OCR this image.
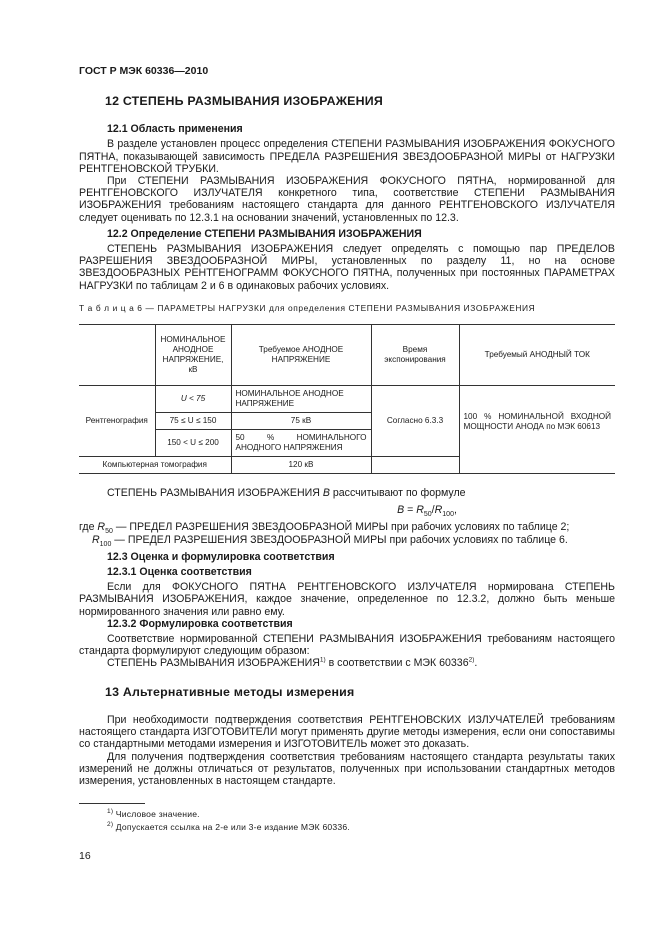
ГОСТ Р МЭК 60336—2010
12 СТЕПЕНЬ РАЗМЫВАНИЯ ИЗОБРАЖЕНИЯ
12.1 Область применения

В разделе установлен процесс определения СТЕПЕНИ РАЗМЫВАНИЯ ИЗОБРАЖЕНИЯ ФОКУСНОГО ПЯТНА, показывающей зависимость ПРЕДЕЛА РАЗРЕШЕНИЯ ЗВЕЗДООБРАЗНОЙ МИРЫ от НАГРУЗКИ РЕНТГЕНОВСКОЙ ТРУБКИ.

При СТЕПЕНИ РАЗМЫВАНИЯ ИЗОБРАЖЕНИЯ ФОКУСНОГО ПЯТНА, нормированной для РЕНТГЕНОВСКОГО ИЗЛУЧАТЕЛЯ конкретного типа, соответствие СТЕПЕНИ РАЗМЫВАНИЯ ИЗОБРАЖЕНИЯ требованиям настоящего стандарта для данного РЕНТГЕНОВСКОГО ИЗЛУЧАТЕЛЯ следует оценивать по 12.3.1 на основании значений, установленных по 12.3.

12.2 Определение СТЕПЕНИ РАЗМЫВАНИЯ ИЗОБРАЖЕНИЯ

СТЕПЕНЬ РАЗМЫВАНИЯ ИЗОБРАЖЕНИЯ следует определять с помощью пар ПРЕДЕЛОВ РАЗРЕШЕНИЯ ЗВЕЗДООБРАЗНОЙ МИРЫ, установленных по разделу 11, но на основе ЗВЕЗДООБРАЗНЫХ РЕНТГЕНОГРАММ ФОКУСНОГО ПЯТНА, полученных при постоянных ПАРАМЕТРАХ НАГРУЗКИ по таблицам 2 и 6 в одинаковых рабочих условиях.

Т а б л и ц а 6 — ПАРАМЕТРЫ НАГРУЗКИ для определения СТЕПЕНИ РАЗМЫВАНИЯ ИЗОБРАЖЕНИЯ
	НОМИНАЛЬНОЕ АНОДНОЕ НАПРЯЖЕНИЕ, кВ	Требуемое АНОДНОЕ НАПРЯЖЕНИЕ	Время экспонирования	Требуемый АНОДНЫЙ ТОК
Рентгенография	U < 75	НОМИНАЛЬНОЕ АНОДНОЕ НАПРЯЖЕНИЕ	Согласно 6.3.3	100 % НОМИНАЛЬНОЙ ВХОДНОЙ МОЩНОСТИ АНОДА по МЭК 60613
	75 ≤ U ≤ 150	75 кВ		
	150 < U ≤ 200	50 % НОМИНАЛЬНОГО АНОДНОГО НАПРЯЖЕНИЯ		
Компьютерная томография		120 кВ		
СТЕПЕНЬ РАЗМЫВАНИЯ ИЗОБРАЖЕНИЯ B рассчитывают по формуле
$B = R_{50}/R_{100}$,
где $R_{50}$ — ПРЕДЕЛ РАЗРЕШЕНИЯ ЗВЕЗДООБРАЗНОЙ МИРЫ при рабочих условиях по таблице 2;
$R_{100}$ — ПРЕДЕЛ РАЗРЕШЕНИЯ ЗВЕЗДООБРАЗНОЙ МИРЫ при рабочих условиях по таблице 6.
12.3 Оценка и формулировка соответствия
12.3.1 Оценка соответствия

Если для ФОКУСНОГО ПЯТНА РЕНТГЕНОВСКОГО ИЗЛУЧАТЕЛЯ нормирована СТЕПЕНЬ РАЗМЫВАНИЯ ИЗОБРАЖЕНИЯ, каждое значение, определенное по 12.3.2, должно быть меньше нормированного значения или равно ему.

12.3.2 Формулировка соответствия

Соответствие нормированной СТЕПЕНИ РАЗМЫВАНИЯ ИЗОБРАЖЕНИЯ требованиям настоящего стандарта формулируют следующим образом:

СТЕПЕНЬ РАЗМЫВАНИЯ ИЗОБРАЖЕНИЯ$^{1)}$ в соответствии с МЭК 60336$^{2)}$.

13 Альтернативные методы измерения

При необходимости подтверждения соответствия РЕНТГЕНОВСКИХ ИЗЛУЧАТЕЛЕЙ требованиям настоящего стандарта ИЗГОТОВИТЕЛИ могут применять другие методы измерения, если они сопоставимы со стандартными методами измерения и ИЗГОТОВИТЕЛЬ может это доказать.

Для получения подтверждения соответствия требованиям настоящего стандарта результаты таких измерений не должны отличаться от результатов, полученных при использовании стандартных методов измерения, установленных в настоящем стандарте.

$^{1)}$ Числовое значение.
$^{2)}$ Допускается ссылка на 2-е или 3-е издание МЭК 60336.
16
